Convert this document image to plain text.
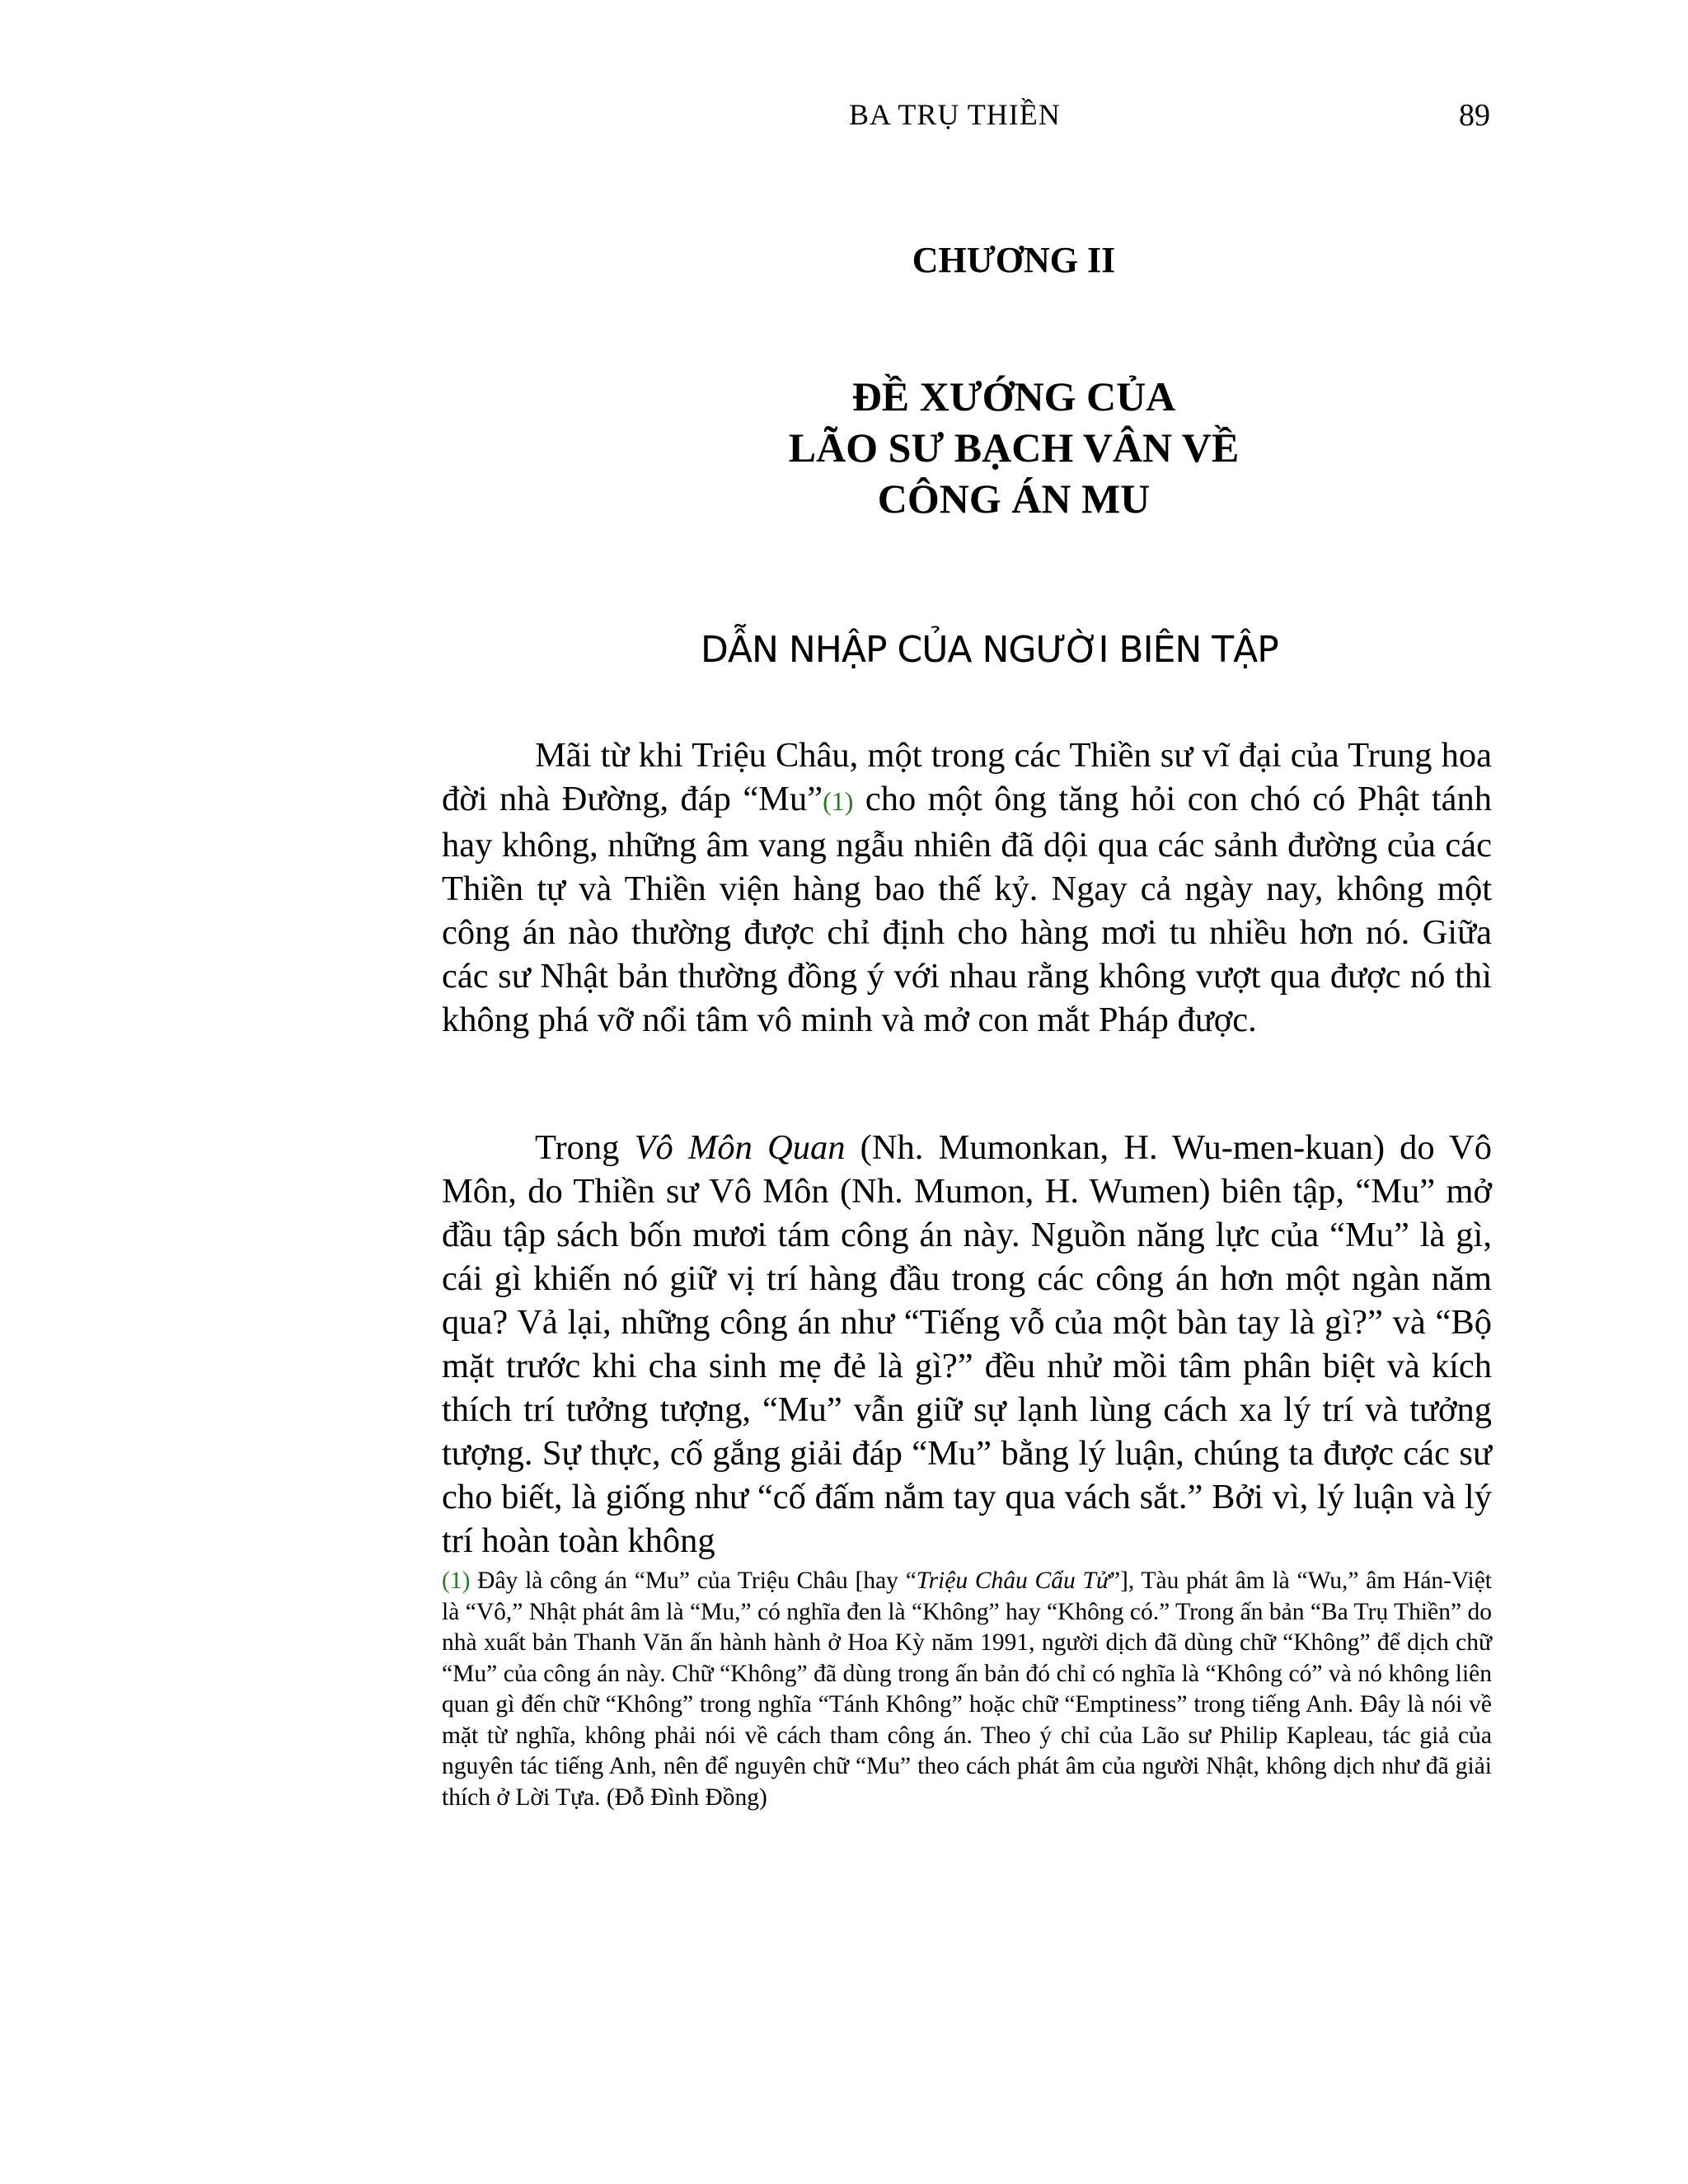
BA TRỤ THIỀN	89
CHƯƠNG II
ĐỀ XƯỚNG CỦA
LÃO SƯ BẠCH VÂN VỀ
CÔNG ÁN MU
DẪN NHẬP CỦA NGƯỜI BIÊN TẬP

Mãi từ khi Triệu Châu, một trong các Thiền sư vĩ đại của Trung hoa đời nhà Đường, đáp “Mu”(1) cho một ông tăng hỏi con chó có Phật tánh hay không, những âm vang ngẫu nhiên đã dội qua các sảnh đường của các Thiền tự và Thiền viện hàng bao thế kỷ. Ngay cả ngày nay, không một công án nào thường được chỉ định cho hàng mơi tu nhiều hơn nó. Giữa các sư Nhật bản thường đồng ý với nhau rằng không vượt qua được nó thì không phá vỡ nổi tâm vô minh và mở con mắt Pháp được.

Trong Vô Môn Quan (Nh. Mumonkan, H. Wu-men-kuan) do Vô Môn, do Thiền sư Vô Môn (Nh. Mumon, H. Wumen) biên tập, “Mu” mở đầu tập sách bốn mươi tám công án này. Nguồn năng lực của “Mu” là gì, cái gì khiến nó giữ vị trí hàng đầu trong các công án hơn một ngàn năm qua? Vả lại, những công án như “Tiếng vỗ của một bàn tay là gì?” và “Bộ mặt trước khi cha sinh mẹ đẻ là gì?” đều nhử mồi tâm phân biệt và kích thích trí tưởng tượng, “Mu” vẫn giữ sự lạnh lùng cách xa lý trí và tưởng tượng. Sự thực, cố gắng giải đáp “Mu” bằng lý luận, chúng ta được các sư cho biết, là giống như “cố đấm nắm tay qua vách sắt.” Bởi vì, lý luận và lý trí hoàn toàn không

(1) Đây là công án “Mu” của Triệu Châu [hay “Triệu Châu Cẩu Tử”], Tàu phát âm là “Wu,” âm Hán-Việt là “Vô,” Nhật phát âm là “Mu,” có nghĩa đen là “Không” hay “Không có.” Trong ấn bản “Ba Trụ Thiền” do nhà xuất bản Thanh Văn ấn hành hành ở Hoa Kỳ năm 1991, người dịch đã dùng chữ “Không” để dịch chữ “Mu” của công án này. Chữ “Không” đã dùng trong ấn bản đó chỉ có nghĩa là “Không có” và nó không liên quan gì đến chữ “Không” trong nghĩa “Tánh Không” hoặc chữ “Emptiness” trong tiếng Anh. Đây là nói về mặt từ nghĩa, không phải nói về cách tham công án. Theo ý chỉ của Lão sư Philip Kapleau, tác giả của nguyên tác tiếng Anh, nên để nguyên chữ “Mu” theo cách phát âm của người Nhật, không dịch như đã giải thích ở Lời Tựa. (Đỗ Đình Đồng)
